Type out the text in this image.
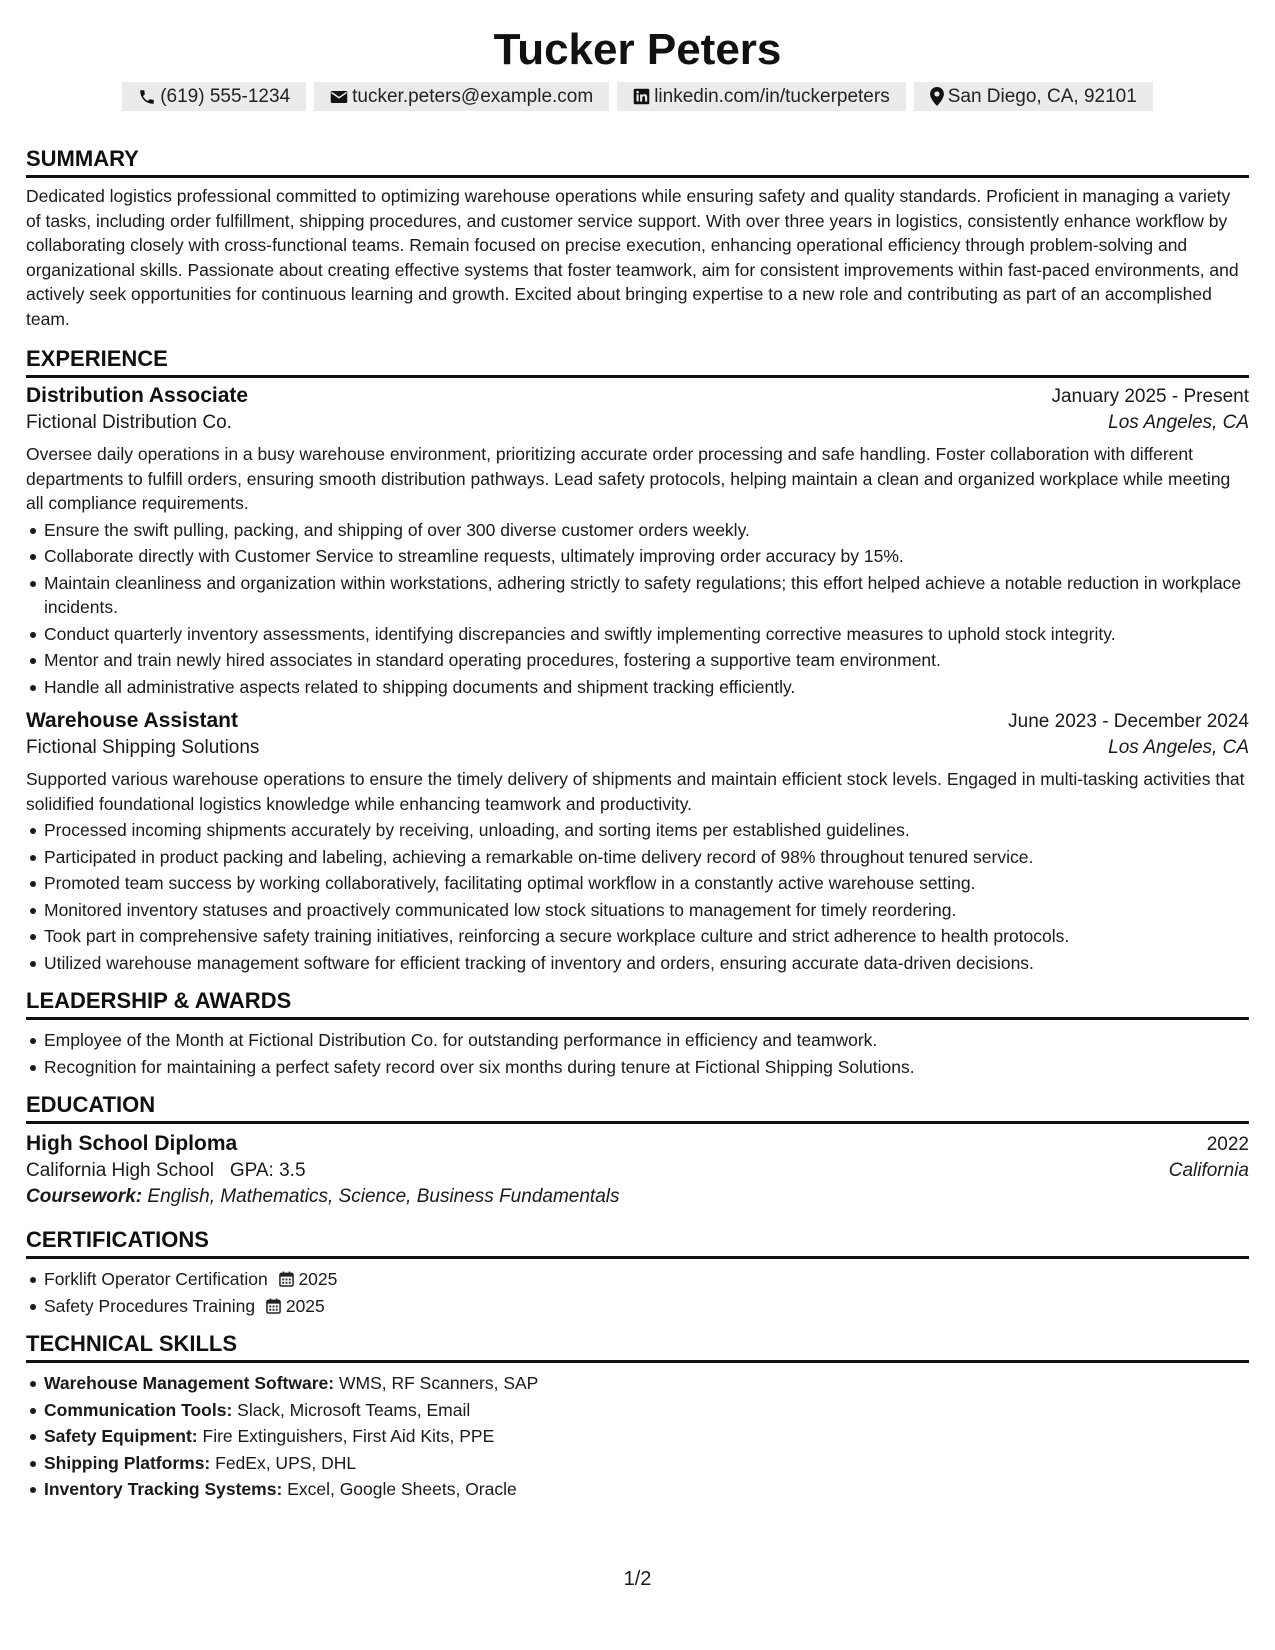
Tucker Peters
(619) 555-1234	tucker.peters@example.com	linkedin.com/in/tuckerpeters	San Diego, CA, 92101
SUMMARY
Dedicated logistics professional committed to optimizing warehouse operations while ensuring safety and quality standards. Proficient in managing a variety of tasks, including order fulfillment, shipping procedures, and customer service support. With over three years in logistics, consistently enhance workflow by collaborating closely with cross-functional teams. Remain focused on precise execution, enhancing operational efficiency through problem-solving and organizational skills. Passionate about creating effective systems that foster teamwork, aim for consistent improvements within fast-paced environments, and actively seek opportunities for continuous learning and growth. Excited about bringing expertise to a new role and contributing as part of an accomplished team.
EXPERIENCE
Distribution Associate	January 2025 - Present
Fictional Distribution Co.	Los Angeles, CA
Oversee daily operations in a busy warehouse environment, prioritizing accurate order processing and safe handling. Foster collaboration with different departments to fulfill orders, ensuring smooth distribution pathways. Lead safety protocols, helping maintain a clean and organized workplace while meeting all compliance requirements.
Ensure the swift pulling, packing, and shipping of over 300 diverse customer orders weekly.
Collaborate directly with Customer Service to streamline requests, ultimately improving order accuracy by 15%.
Maintain cleanliness and organization within workstations, adhering strictly to safety regulations; this effort helped achieve a notable reduction in workplace incidents.
Conduct quarterly inventory assessments, identifying discrepancies and swiftly implementing corrective measures to uphold stock integrity.
Mentor and train newly hired associates in standard operating procedures, fostering a supportive team environment.
Handle all administrative aspects related to shipping documents and shipment tracking efficiently.
Warehouse Assistant	June 2023 - December 2024
Fictional Shipping Solutions	Los Angeles, CA
Supported various warehouse operations to ensure the timely delivery of shipments and maintain efficient stock levels. Engaged in multi-tasking activities that solidified foundational logistics knowledge while enhancing teamwork and productivity.
Processed incoming shipments accurately by receiving, unloading, and sorting items per established guidelines.
Participated in product packing and labeling, achieving a remarkable on-time delivery record of 98% throughout tenured service.
Promoted team success by working collaboratively, facilitating optimal workflow in a constantly active warehouse setting.
Monitored inventory statuses and proactively communicated low stock situations to management for timely reordering.
Took part in comprehensive safety training initiatives, reinforcing a secure workplace culture and strict adherence to health protocols.
Utilized warehouse management software for efficient tracking of inventory and orders, ensuring accurate data-driven decisions.
LEADERSHIP & AWARDS
Employee of the Month at Fictional Distribution Co. for outstanding performance in efficiency and teamwork.
Recognition for maintaining a perfect safety record over six months during tenure at Fictional Shipping Solutions.
EDUCATION
High School Diploma	2022
California High School GPA: 3.5	California
Coursework: English, Mathematics, Science, Business Fundamentals
CERTIFICATIONS
Forklift Operator Certification 2025
Safety Procedures Training 2025
TECHNICAL SKILLS
Warehouse Management Software: WMS, RF Scanners, SAP
Communication Tools: Slack, Microsoft Teams, Email
Safety Equipment: Fire Extinguishers, First Aid Kits, PPE
Shipping Platforms: FedEx, UPS, DHL
Inventory Tracking Systems: Excel, Google Sheets, Oracle
1/2
